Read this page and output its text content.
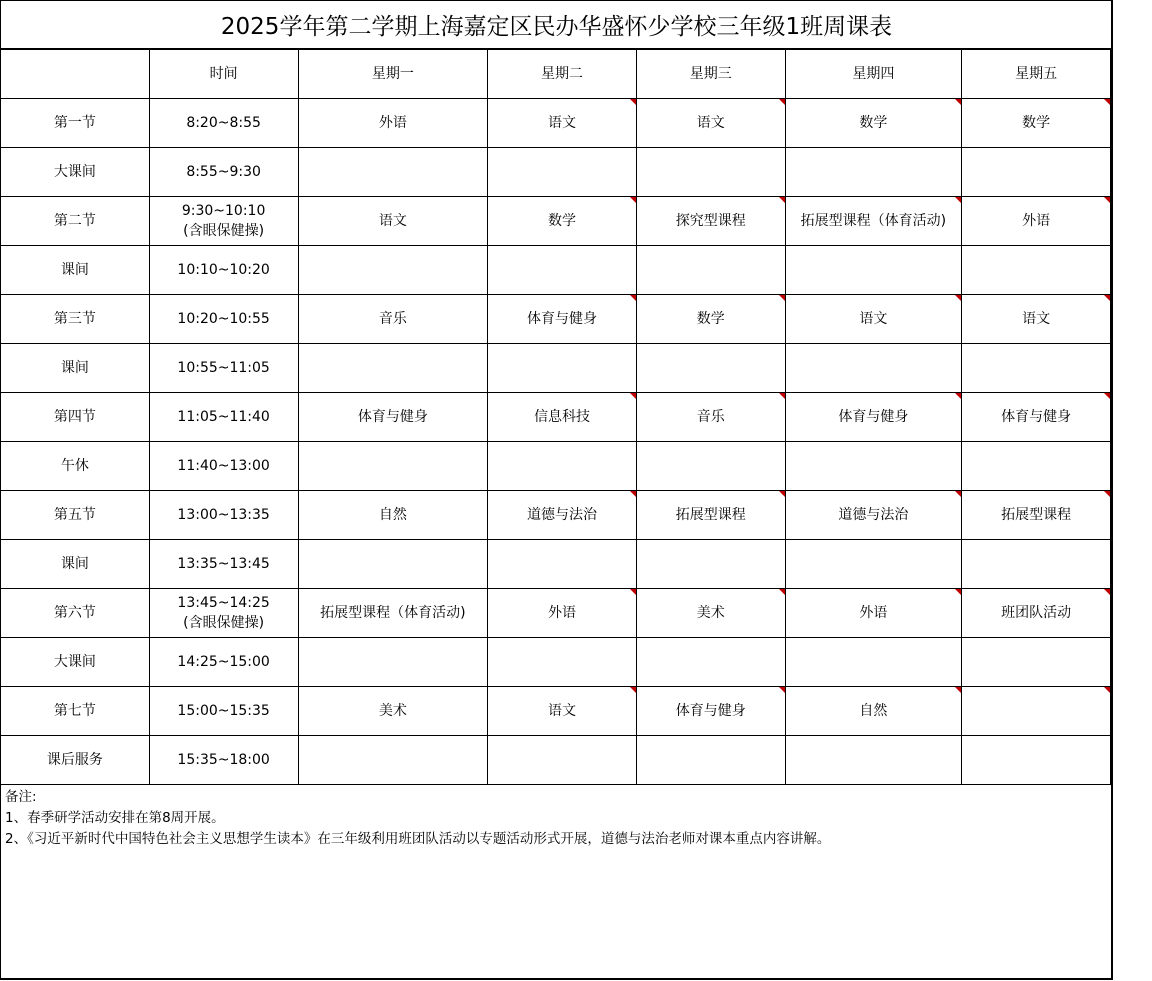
2025学年第二学期上海嘉定区民办华盛怀少学校三年级1班周课表
	时间	星期一	星期二	星期三	星期四	星期五
第一节	8:20~8:55	外语	语文	语文	数学	数学

大课间	8:55~9:30					

第二节	9:30~10:10
(含眼保健操)	语文	数学	探究型课程	拓展型课程（体育活动)	外语

课间	10:10~10:20					

第三节	10:20~10:55	音乐	体育与健身	数学	语文	语文

课间	10:55~11:05					

第四节	11:05~11:40	体育与健身	信息科技	音乐	体育与健身	体育与健身

午休	11:40~13:00					

第五节	13:00~13:35	自然	道德与法治	拓展型课程	道德与法治	拓展型课程

课间	13:35~13:45					

第六节	13:45~14:25
(含眼保健操)	拓展型课程（体育活动)	外语	美术	外语	班团队活动

大课间	14:25~15:00					

第七节	15:00~15:35	美术	语文	体育与健身	自然

课后服务	15:35~18:00					

备注:
1、春季研学活动安排在第8周开展。
2、《习近平新时代中国特色社会主义思想学生读本》在三年级利用班团队活动以专题活动形式开展，道德与法治老师对课本重点内容讲解。
